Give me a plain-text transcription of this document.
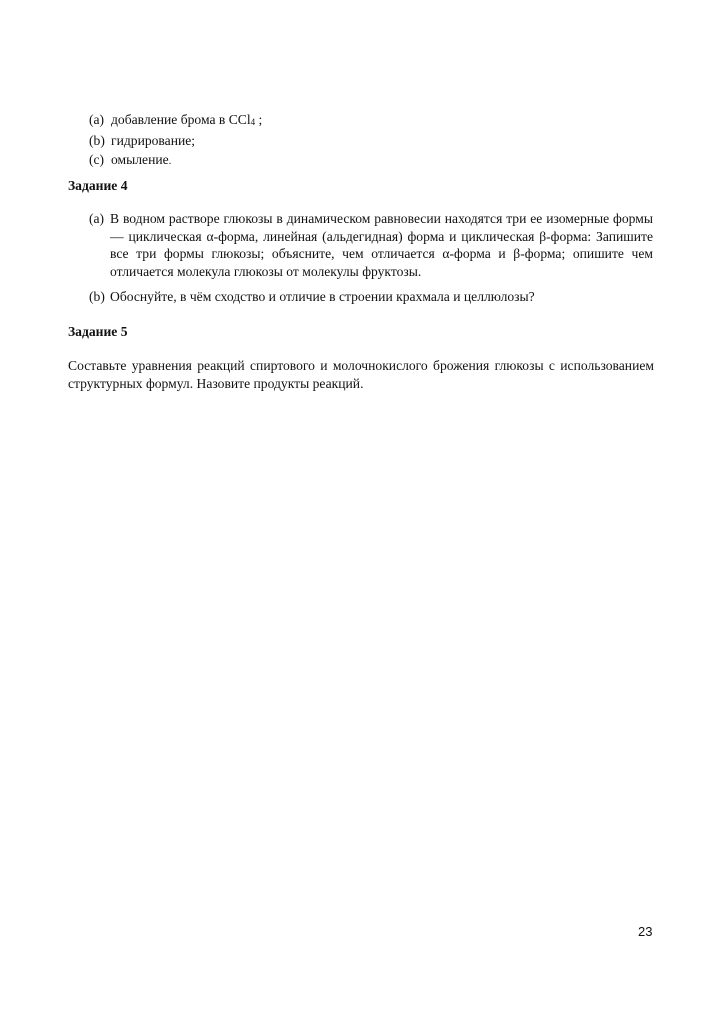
(a) добавление брома в CCl$_4$ ;
(b) гидрирование;
(c) омыление.
Задание 4
(a) В водном растворе глюкозы в динамическом равновесии находятся три ее изомерные формы — циклическая α-форма, линейная (альдегидная) форма и циклическая β-форма: Запишите все три формы глюкозы; объясните, чем отличается α-форма и β-форма; опишите чем отличается молекула глюкозы от молекулы фруктозы.
(b) Обоснуйте, в чём сходство и отличие в строении крахмала и целлюлозы?
Задание 5
Составьте уравнения реакций спиртового и молочнокислого брожения глюкозы с использованием структурных формул. Назовите продукты реакций.
23
